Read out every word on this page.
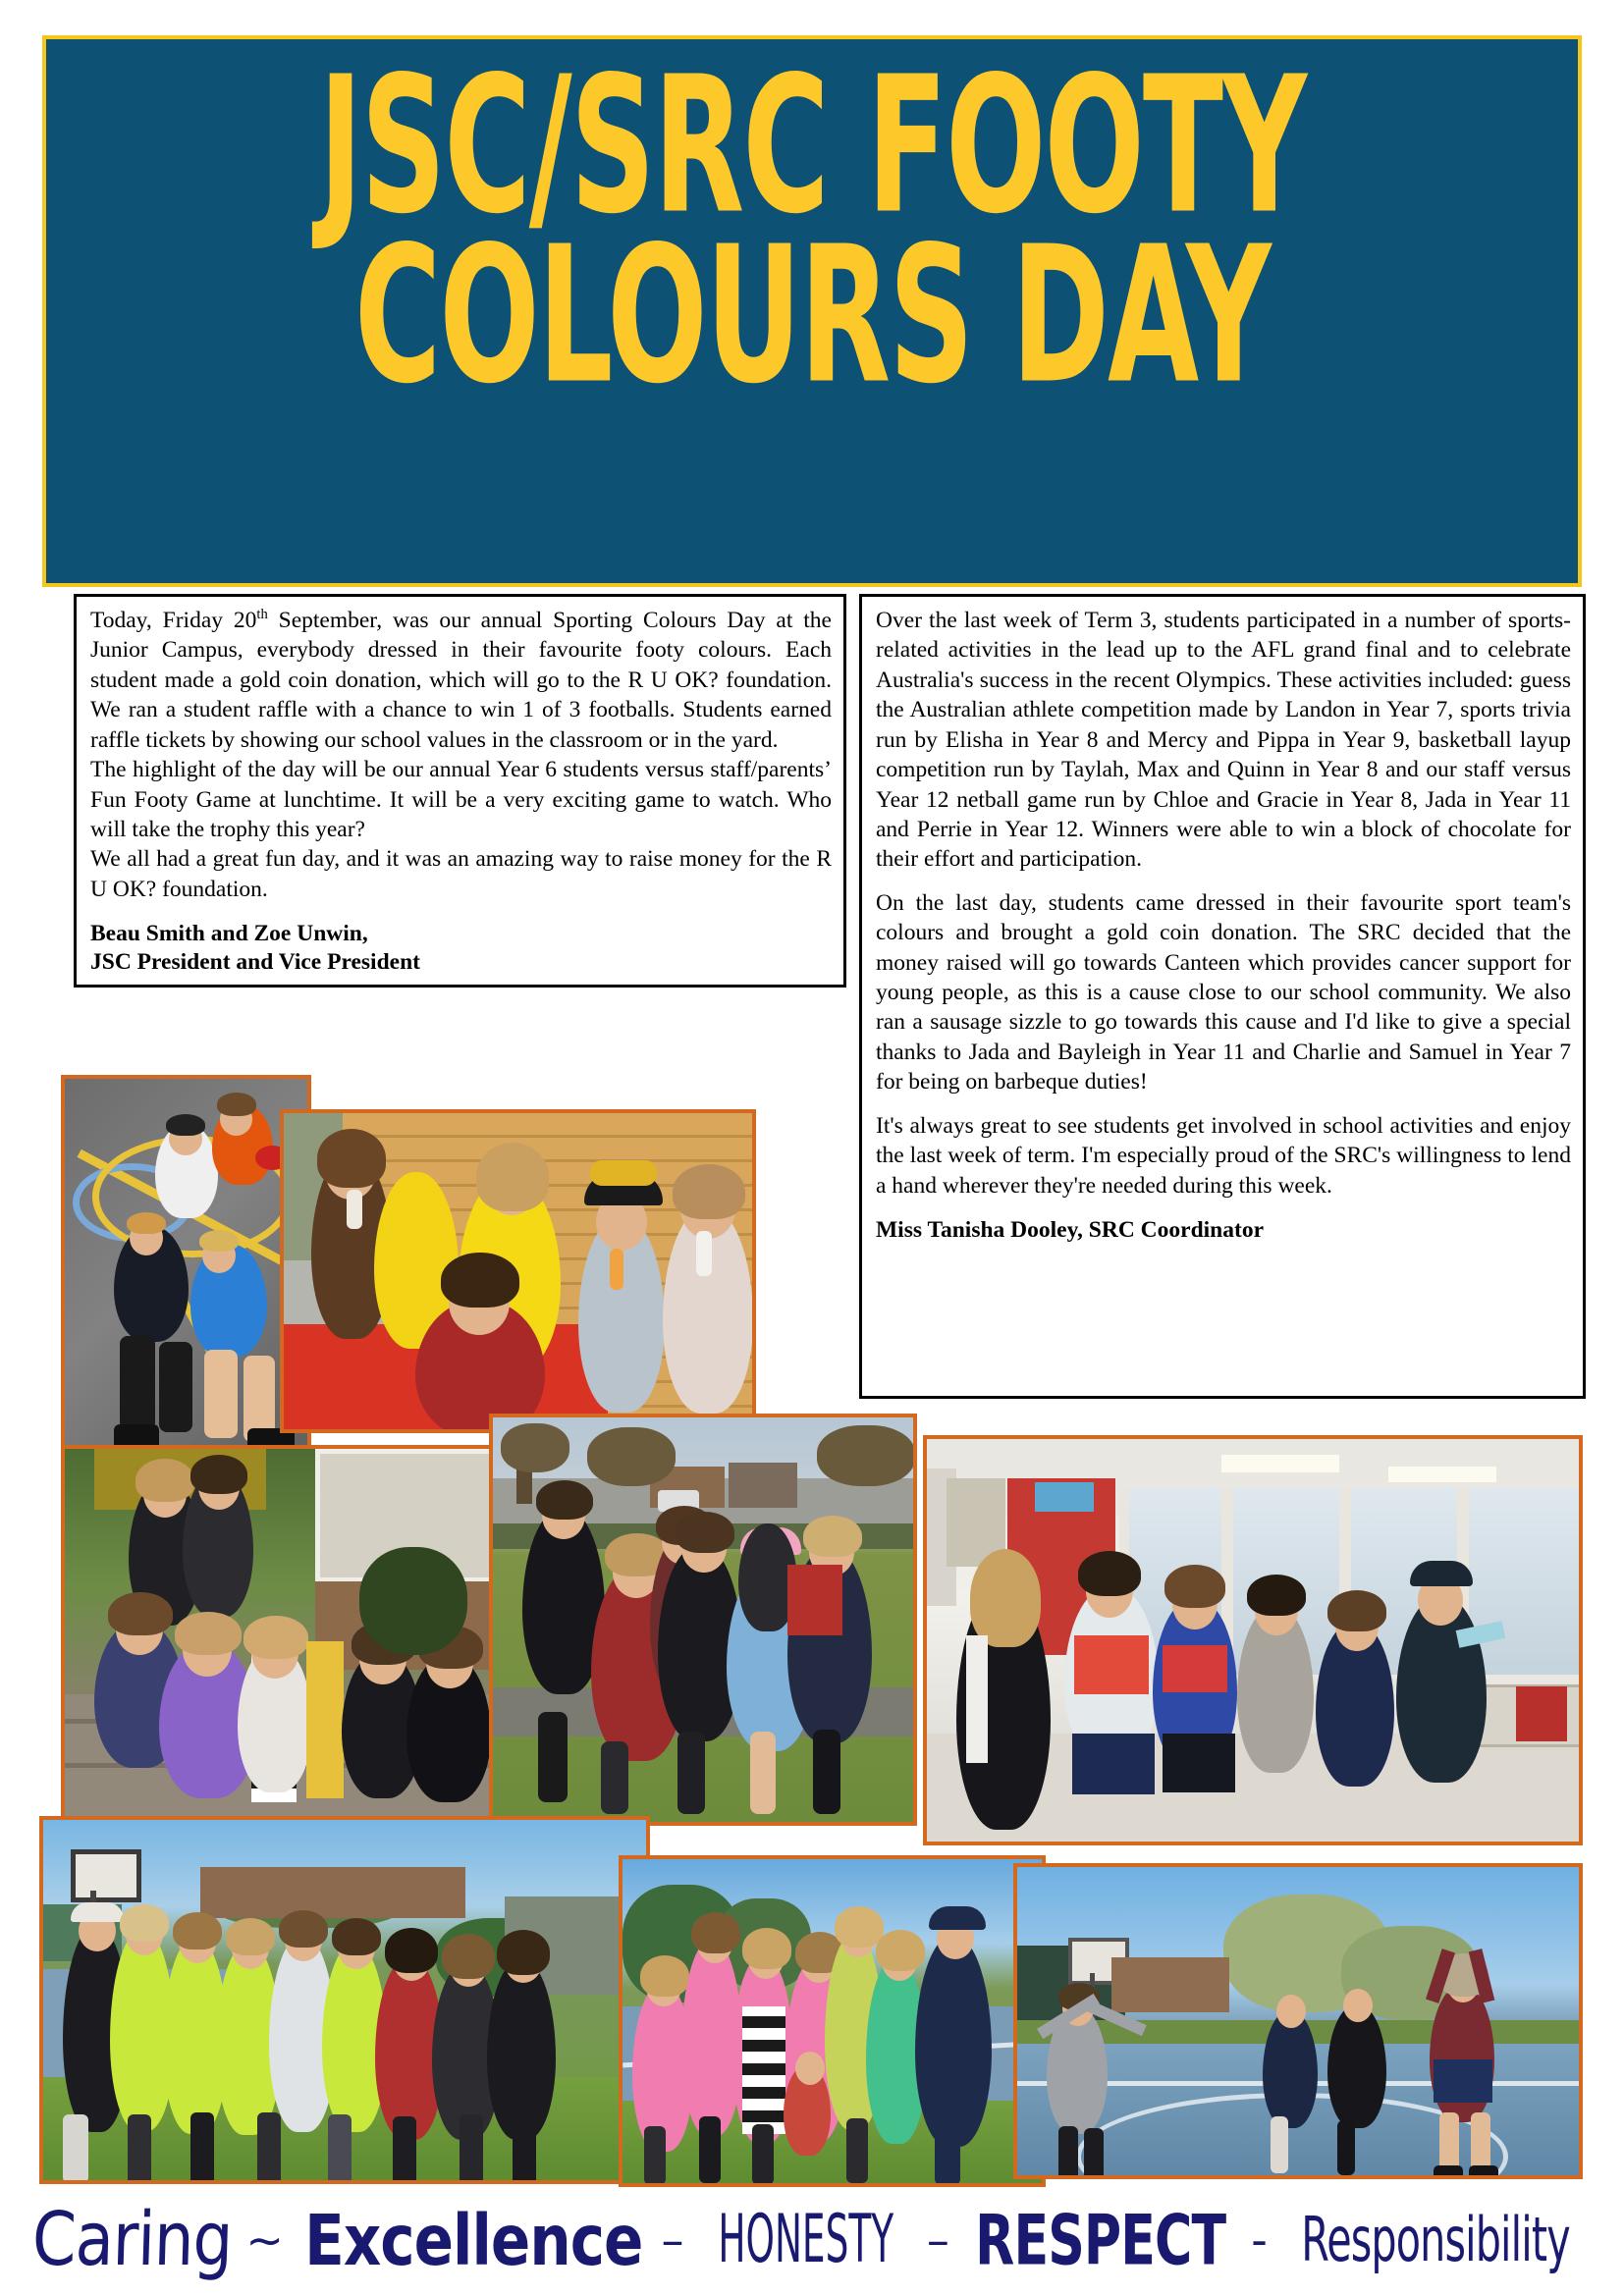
JSC/SRC FOOTY
COLOURS DAY

Today, Friday 20th September, was our annual Sporting Colours Day at the Junior Campus, everybody dressed in their favourite footy colours. Each student made a gold coin donation, which will go to the R U OK? foundation. We ran a student raffle with a chance to win 1 of 3 footballs. Students earned raffle tickets by showing our school values in the classroom or in the yard.

The highlight of the day will be our annual Year 6 students versus staff/parents’ Fun Footy Game at lunchtime. It will be a very exciting game to watch. Who will take the trophy this year?

We all had a great fun day, and it was an amazing way to raise money for the R U OK? foundation.

Beau Smith and Zoe Unwin,

JSC President and Vice President

Over the last week of Term 3, students participated in a number of sports-related activities in the lead up to the AFL grand final and to celebrate Australia's success in the recent Olympics. These activities included: guess the Australian athlete competition made by Landon in Year 7, sports trivia run by Elisha in Year 8 and Mercy and Pippa in Year 9, basketball layup competition run by Taylah, Max and Quinn in Year 8 and our staff versus Year 12 netball game run by Chloe and Gracie in Year 8, Jada in Year 11 and Perrie in Year 12. Winners were able to win a block of chocolate for their effort and participation.

On the last day, students came dressed in their favourite sport team's colours and brought a gold coin donation. The SRC decided that the money raised will go towards Canteen which provides cancer support for young people, as this is a cause close to our school community. We also ran a sausage sizzle to go towards this cause and I'd like to give a special thanks to Jada and Bayleigh in Year 11 and Charlie and Samuel in Year 7 for being on barbeque duties!

It's always great to see students get involved in school activities and enjoy the last week of term. I'm especially proud of the SRC's willingness to lend a hand wherever they're needed during this week.

Miss Tanisha Dooley, SRC Coordinator

Caring ~ Excellence – HONESTY – RESPECT - Responsibility
